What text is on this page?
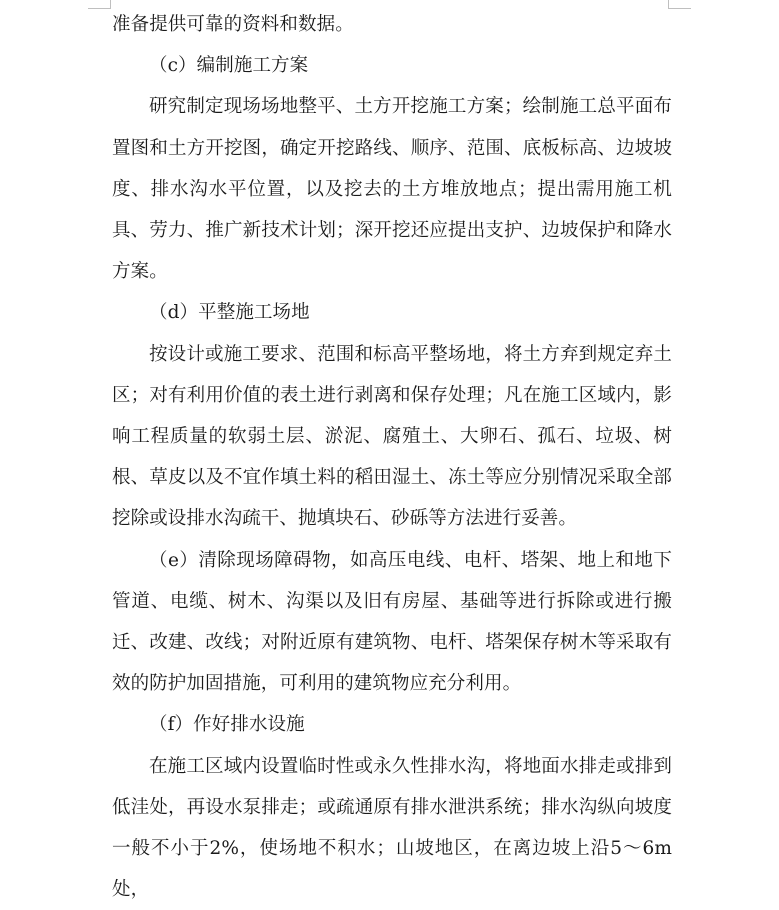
准备提供可靠的资料和数据。

（c）编制施工方案

研究制定现场场地整平、土方开挖施工方案；绘制施工总平面布置图和土方开挖图，确定开挖路线、顺序、范围、底板标高、边坡坡度、排水沟水平位置，以及挖去的土方堆放地点；提出需用施工机具、劳力、推广新技术计划；深开挖还应提出支护、边坡保护和降水方案。

（d）平整施工场地

按设计或施工要求、范围和标高平整场地，将土方弃到规定弃土区；对有利用价值的表土进行剥离和保存处理；凡在施工区域内，影响工程质量的软弱土层、淤泥、腐殖土、大卵石、孤石、垃圾、树根、草皮以及不宜作填土料的稻田湿土、冻土等应分别情况采取全部挖除或设排水沟疏干、抛填块石、砂砾等方法进行妥善。

（e）清除现场障碍物，如高压电线、电杆、塔架、地上和地下管道、电缆、树木、沟渠以及旧有房屋、基础等进行拆除或进行搬迁、改建、改线；对附近原有建筑物、电杆、塔架保存树木等采取有效的防护加固措施，可利用的建筑物应充分利用。

（f）作好排水设施

在施工区域内设置临时性或永久性排水沟，将地面水排走或排到低洼处，再设水泵排走；或疏通原有排水泄洪系统；排水沟纵向坡度一般不小于2%，使场地不积水；山坡地区，在离边坡上沿5～6m处，
